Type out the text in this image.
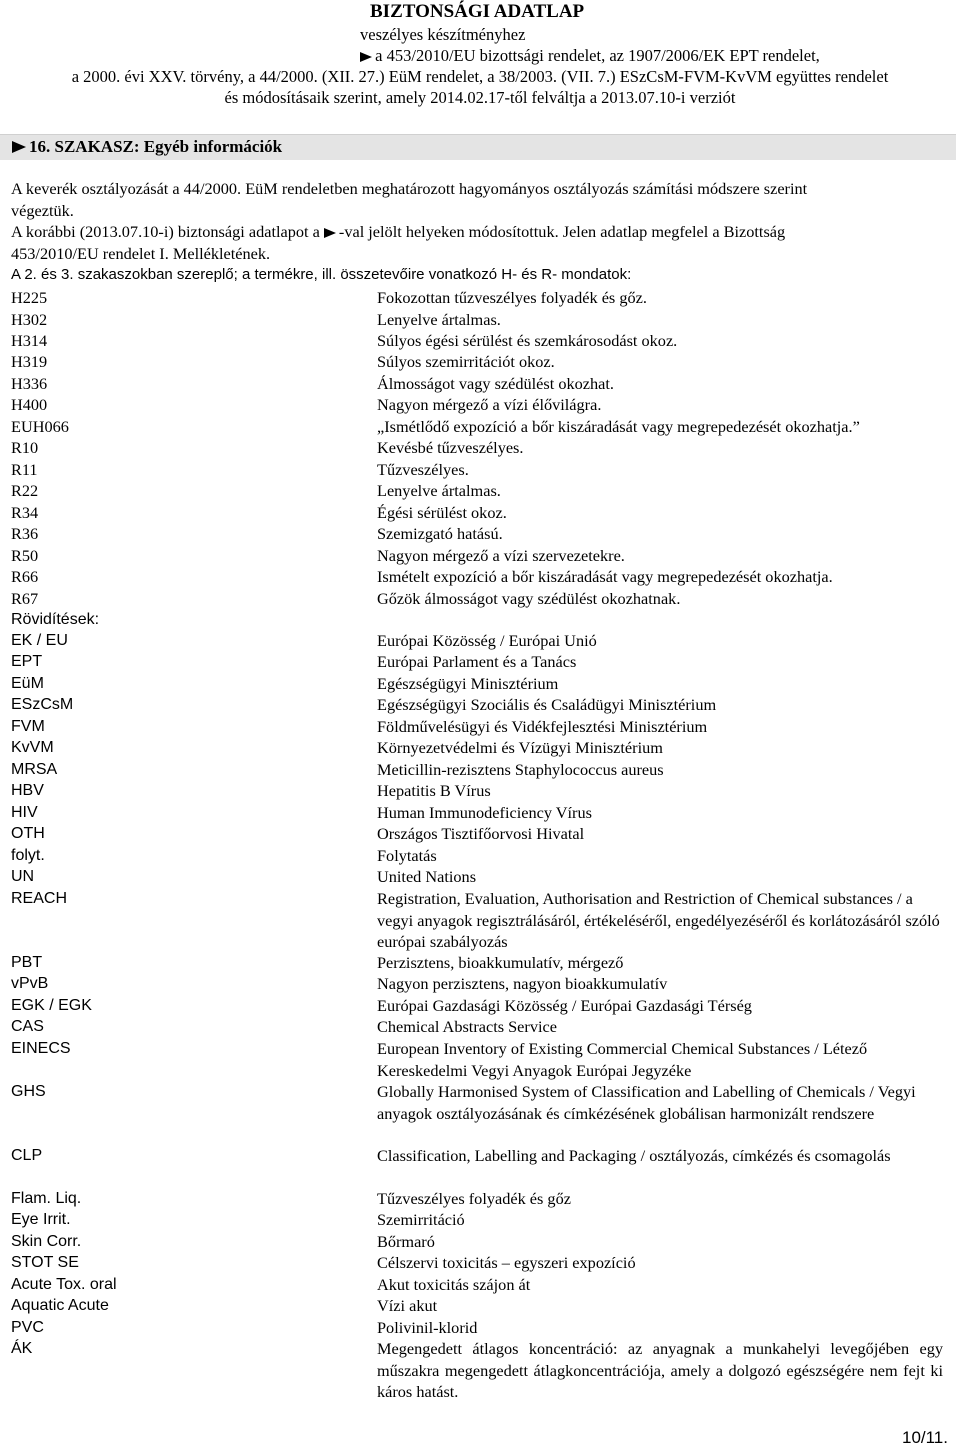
BIZTONSÁGI ADATLAP
veszélyes készítményhez
a 453/2010/EU bizottsági rendelet, az 1907/2006/EK EPT rendelet,
a 2000. évi XXV. törvény, a 44/2000. (XII. 27.) EüM rendelet, a 38/2003. (VII. 7.) ESzCsM-FVM-KvVM együttes rendelet
és módosításaik szerint, amely 2014.02.17-től felváltja a 2013.07.10-i verziót
16. SZAKASZ: Egyéb információk

A keverék osztályozását a 44/2000. EüM rendeletben meghatározott hagyományos osztályozás számítási módszere szerint

végeztük.

A korábbi (2013.07.10-i) biztonsági adatlapot a -val jelölt helyeken módosítottuk. Jelen adatlap megfelel a Bizottság

453/2010/EU rendelet I. Mellékletének.

A 2. és 3. szakaszokban szereplő; a termékre, ill. összetevőire vonatkozó H- és R- mondatok:

H225	Fokozottan tűzveszélyes folyadék és gőz.
H302	Lenyelve ártalmas.
H314	Súlyos égési sérülést és szemkárosodást okoz.
H319	Súlyos szemirritációt okoz.
H336	Álmosságot vagy szédülést okozhat.
H400	Nagyon mérgező a vízi élővilágra.
EUH066	„Ismétlődő expozíció a bőr kiszáradását vagy megrepedezését okozhatja.”
R10	Kevésbé tűzveszélyes.
R11	Tűzveszélyes.
R22	Lenyelve ártalmas.
R34	Égési sérülést okoz.
R36	Szemizgató hatású.
R50	Nagyon mérgező a vízi szervezetekre.
R66	Ismételt expozíció a bőr kiszáradását vagy megrepedezését okozhatja.
R67	Gőzök álmosságot vagy szédülést okozhatnak.
Rövidítések:
EK / EU	Európai Közösség / Európai Unió
EPT	Európai Parlament és a Tanács
EüM	Egészségügyi Minisztérium
ESzCsM	Egészségügyi Szociális és Családügyi Minisztérium
FVM	Földművelésügyi és Vidékfejlesztési Minisztérium
KvVM	Környezetvédelmi és Vízügyi Minisztérium
MRSA	Meticillin-rezisztens Staphylococcus aureus
HBV	Hepatitis B Vírus
HIV	Human Immunodeficiency Vírus
OTH	Országos Tisztifőorvosi Hivatal
folyt.	Folytatás
UN	United Nations
REACH	Registration, Evaluation, Authorisation and Restriction of Chemical substances / a vegyi anyagok regisztrálásáról, értékeléséről, engedélyezéséről és korlátozásáról szóló európai szabályozás
PBT	Perzisztens, bioakkumulatív, mérgező
vPvB	Nagyon perzisztens, nagyon bioakkumulatív
EGK / EGK	Európai Gazdasági Közösség / Európai Gazdasági Térség
CAS	Chemical Abstracts Service
EINECS	European Inventory of Existing Commercial Chemical Substances / Létező Kereskedelmi Vegyi Anyagok Európai Jegyzéke
GHS	Globally Harmonised System of Classification and Labelling of Chemicals / Vegyi anyagok osztályozásának és címkézésének globálisan harmonizált rendszere
CLP	Classification, Labelling and Packaging / osztályozás, címkézés és csomagolás
Flam. Liq.	Tűzveszélyes folyadék és gőz
Eye Irrit.	Szemirritáció
Skin Corr.	Bőrmaró
STOT SE	Célszervi toxicitás – egyszeri expozíció
Acute Tox. oral	Akut toxicitás szájon át
Aquatic Acute	Vízi akut
PVC	Polivinil-klorid
ÁK	Megengedett átlagos koncentráció: az anyagnak a munkahelyi levegőjében egy műszakra megengedett átlagkoncentrációja, amely a dolgozó egészségére nem fejt ki káros hatást.
10/11.
